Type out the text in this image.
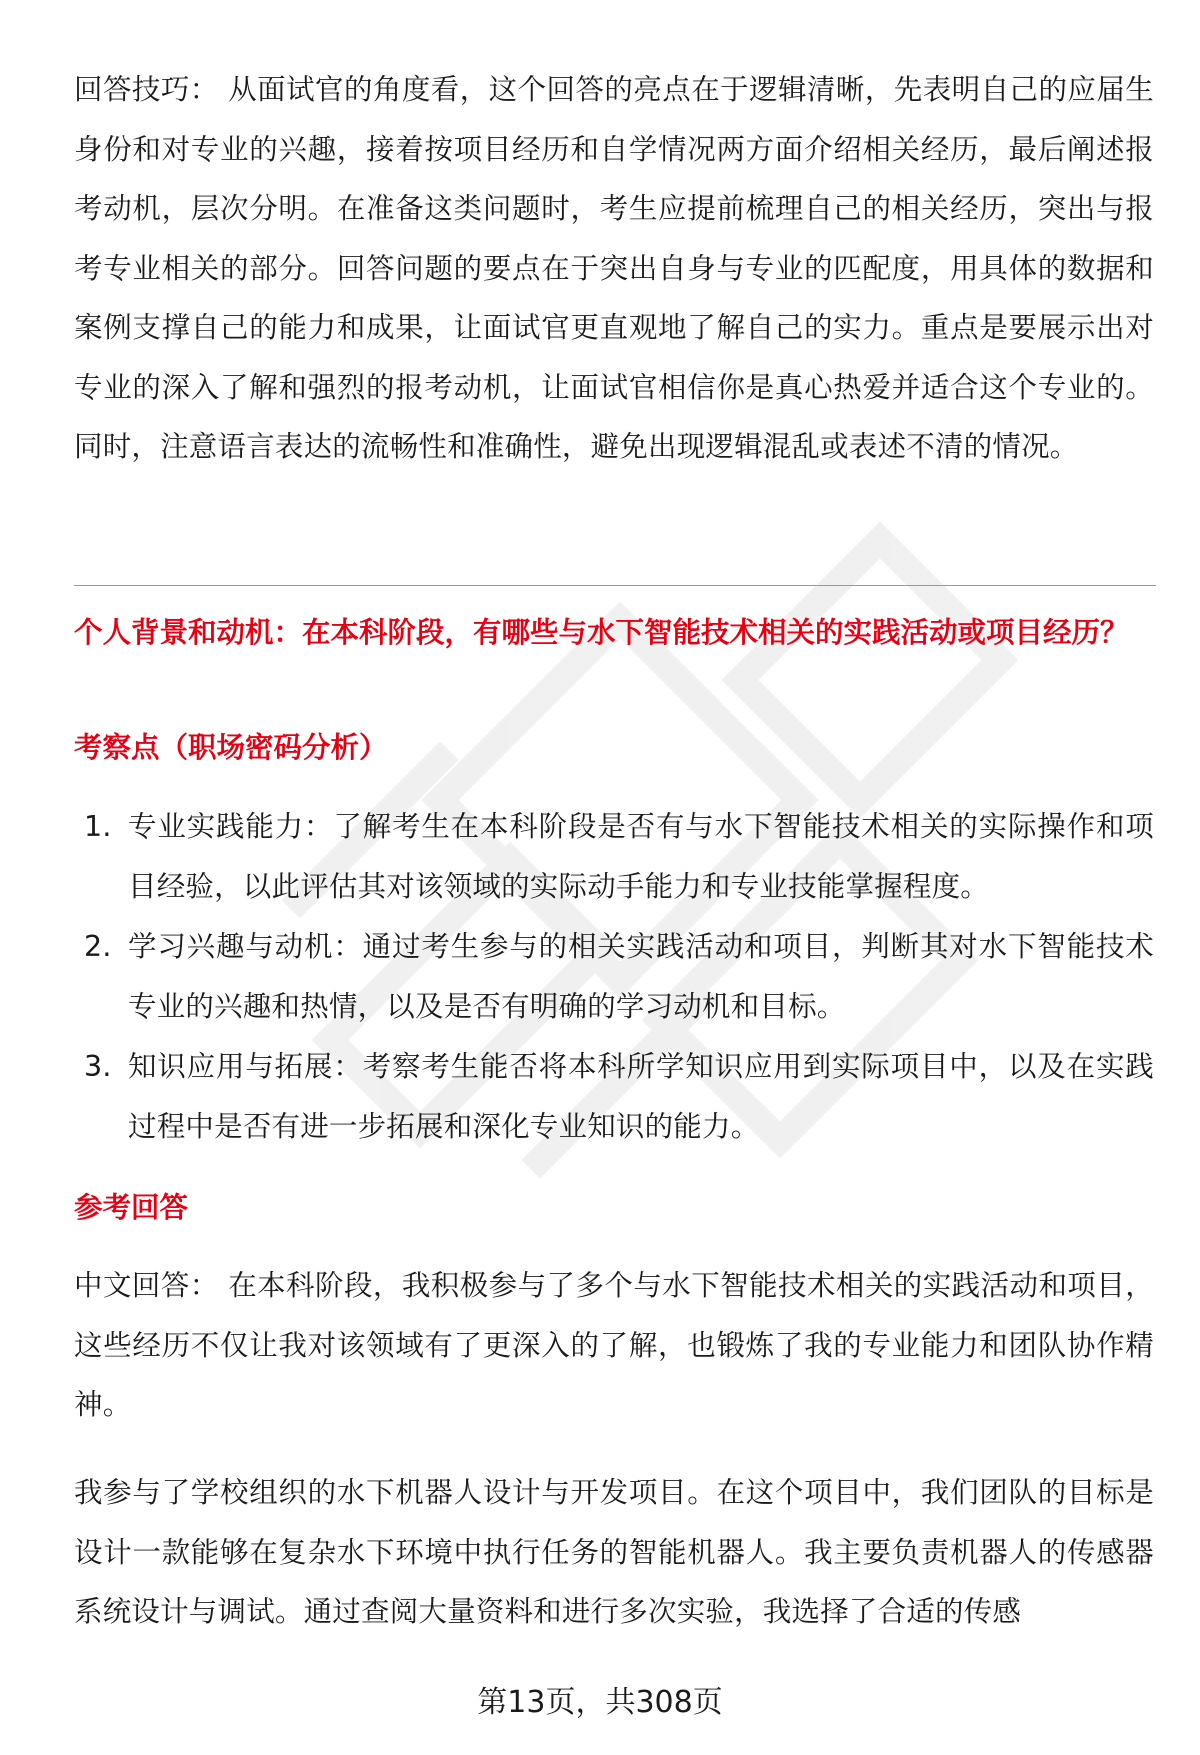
回答技巧： 从面试官的角度看，这个回答的亮点在于逻辑清晰，先表明自己的应届生身份和对专业的兴趣，接着按项目经历和自学情况两方面介绍相关经历，最后阐述报考动机，层次分明。在准备这类问题时，考生应提前梳理自己的相关经历，突出与报考专业相关的部分。回答问题的要点在于突出自身与专业的匹配度，用具体的数据和案例支撑自己的能力和成果，让面试官更直观地了解自己的实力。重点是要展示出对专业的深入了解和强烈的报考动机，让面试官相信你是真心热爱并适合这个专业的。同时，注意语言表达的流畅性和准确性，避免出现逻辑混乱或表述不清的情况。

个人背景和动机：在本科阶段，有哪些与水下智能技术相关的实践活动或项目经历？
考察点（职场密码分析）
1. 专业实践能力：了解考生在本科阶段是否有与水下智能技术相关的实际操作和项目经验，以此评估其对该领域的实际动手能力和专业技能掌握程度。
2. 学习兴趣与动机：通过考生参与的相关实践活动和项目，判断其对水下智能技术专业的兴趣和热情，以及是否有明确的学习动机和目标。
3. 知识应用与拓展：考察考生能否将本科所学知识应用到实际项目中，以及在实践过程中是否有进一步拓展和深化专业知识的能力。
参考回答

中文回答： 在本科阶段，我积极参与了多个与水下智能技术相关的实践活动和项目，这些经历不仅让我对该领域有了更深入的了解，也锻炼了我的专业能力和团队协作精神。

我参与了学校组织的水下机器人设计与开发项目。在这个项目中，我们团队的目标是设计一款能够在复杂水下环境中执行任务的智能机器人。我主要负责机器人的传感器系统设计与调试。通过查阅大量资料和进行多次实验，我选择了合适的传感

第13页，共308页
